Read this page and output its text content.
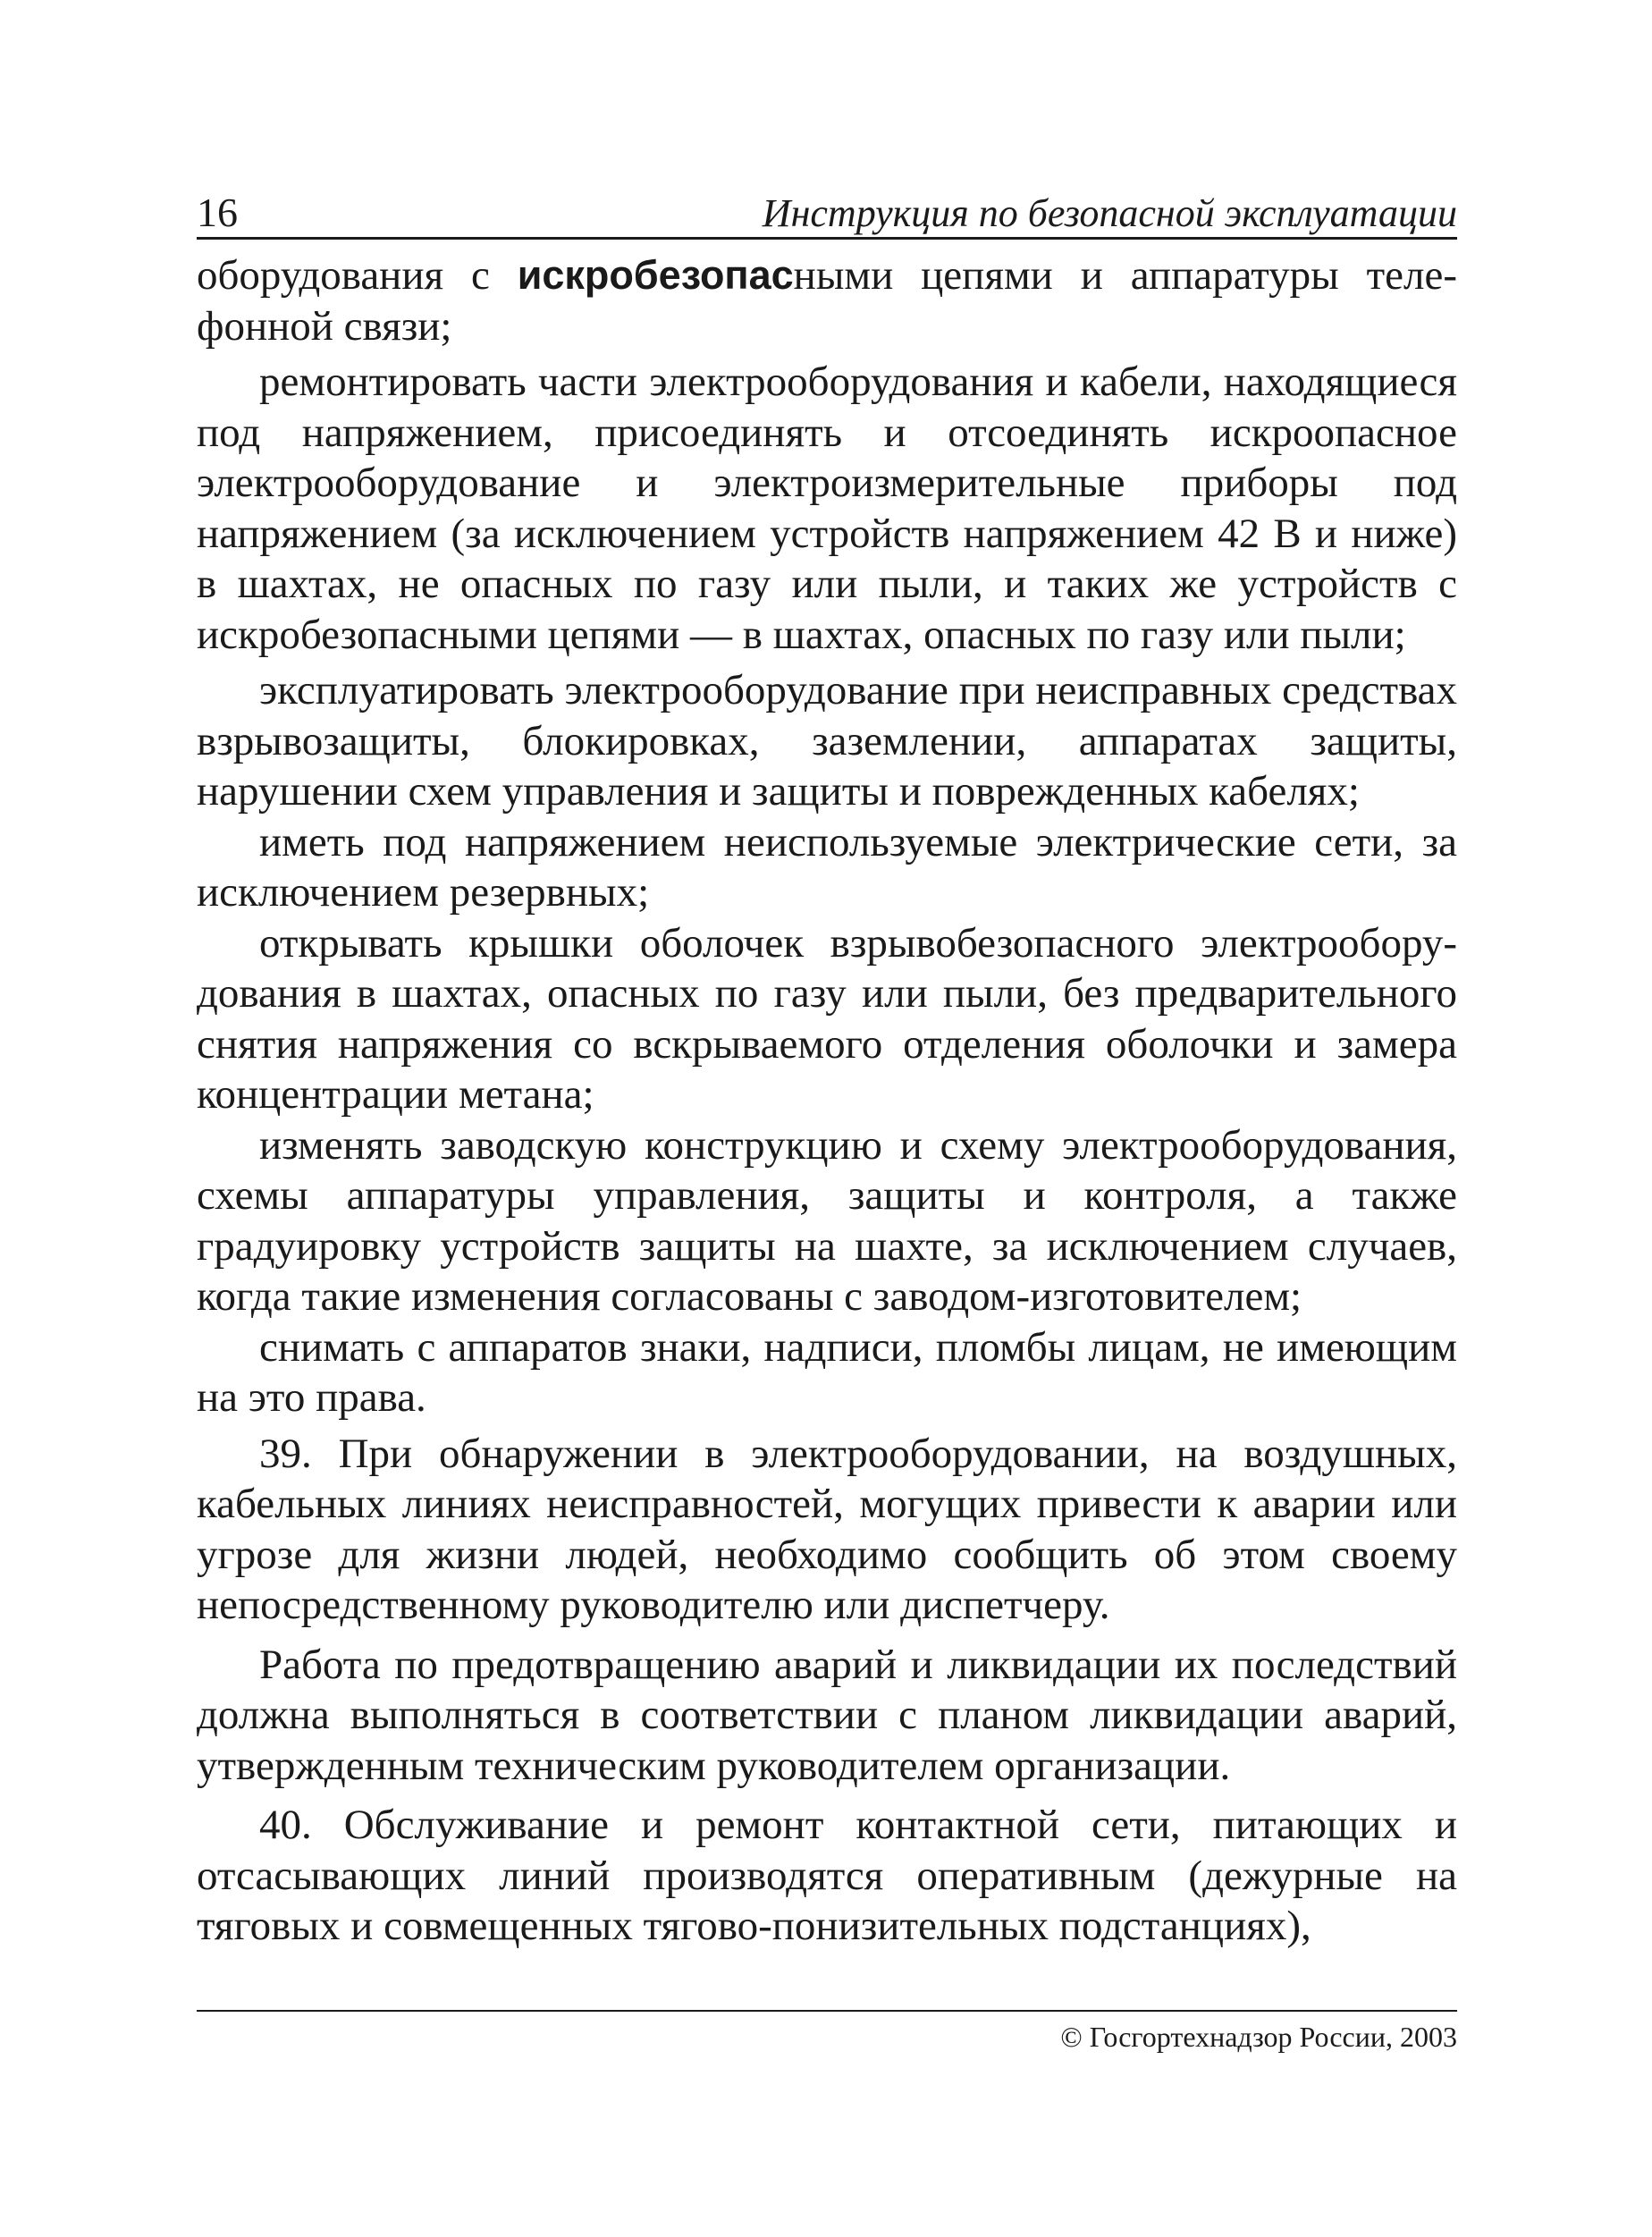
16	Инструкция по безопасной эксплуатации

оборудования с искробезопасными цепями и аппаратуры телефонной связи;

ремонтировать части электрооборудования и кабели, находящиеся под напряжением, присоединять и отсоединять искроопасное электрооборудование и электроизмерительные приборы под напряжением (за исключением устройств напряжением 42 В и ниже) в шахтах, не опасных по газу или пыли, и таких же устройств с искробезопасными цепями — в шахтах, опасных по газу или пыли;

эксплуатировать электрооборудование при неисправных средствах взрывозащиты, блокировках, заземлении, аппаратах защиты, нарушении схем управления и защиты и поврежденных кабелях;

иметь под напряжением неиспользуемые электрические сети, за исключением резервных;

открывать крышки оболочек взрывобезопасного электрооборудования в шахтах, опасных по газу или пыли, без предварительного снятия напряжения со вскрываемого отделения оболочки и замера концентрации метана;

изменять заводскую конструкцию и схему электрооборудования, схемы аппаратуры управления, защиты и контроля, а также градуировку устройств защиты на шахте, за исключением случаев, когда такие изменения согласованы с заводом-изготовителем;

снимать с аппаратов знаки, надписи, пломбы лицам, не имеющим на это права.

39. При обнаружении в электрооборудовании, на воздушных, кабельных линиях неисправностей, могущих привести к аварии или угрозе для жизни людей, необходимо сообщить об этом своему непосредственному руководителю или диспетчеру.

Работа по предотвращению аварий и ликвидации их последствий должна выполняться в соответствии с планом ликвидации аварий, утвержденным техническим руководителем организации.

40. Обслуживание и ремонт контактной сети, питающих и отсасывающих линий производятся оперативным (дежурные на тяговых и совмещенных тягово-понизительных подстанциях),

© Госгортехнадзор России, 2003
